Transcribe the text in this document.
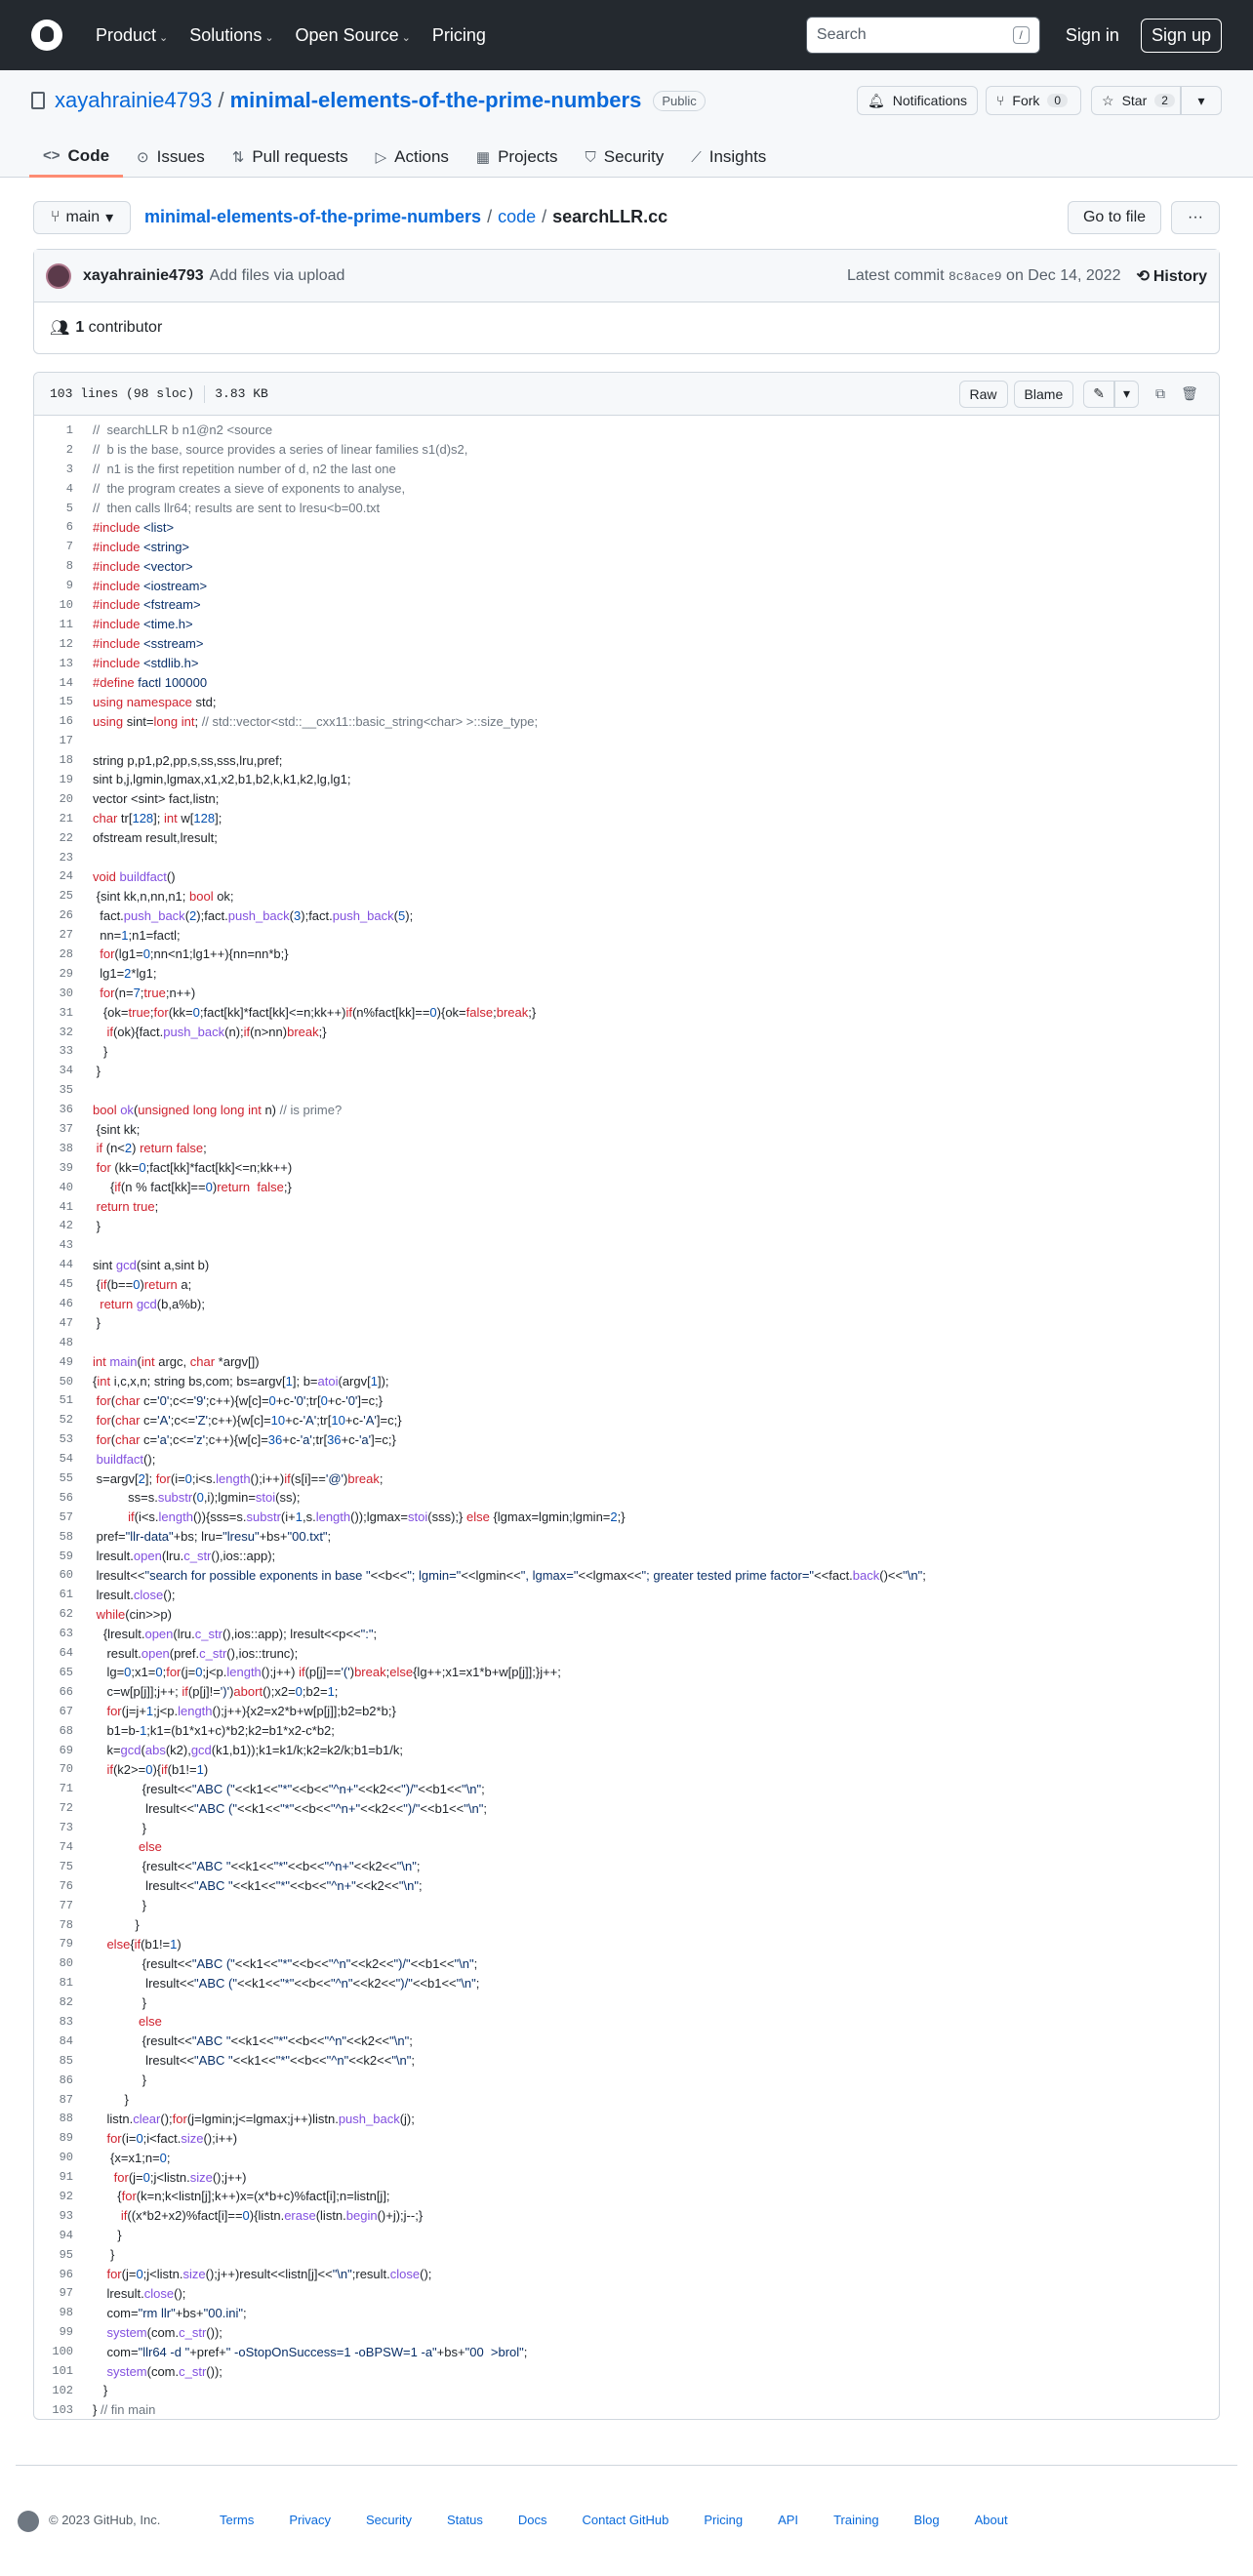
Product ⌄ Solutions ⌄ Open Source ⌄ Pricing	Search	/	Sign in	Sign up
xayahrainie4793 / minimal-elements-of-the-prime-numbers	Public	🔔︎ Notifications ⑂ Fork	0	☆ Star	2	▾
<> Code ⊙ Issues ⇅ Pull requests ▷ Actions ▦ Projects ⛉ Security ⟋ Insights
⑂ main ▾ minimal-elements-of-the-prime-numbers / code / searchLLR.cc	Go to file	···
xayahrainie4793 Add files via upload	Latest commit 8c8ace9 on Dec 14, 2022 ⟲ History
👥︎ 1
contributor
103 lines (98 sloc) 3.83 KB	Raw	Blame	✎	▾	⧉	🗑︎
1	//  searchLLR b n1@n2 <source
2	//  b is the base, source provides a series of linear families s1(d)s2,
3	//  n1 is the first repetition number of d, n2 the last one
4	//  the program creates a sieve of exponents to analyse,
5	//  then calls llr64; results are sent to lresu<b=00.txt
6	#include <list>
7	#include <string>
8	#include <vector>
9	#include <iostream>
10	#include <fstream>
11	#include <time.h>
12	#include <sstream>
13	#include <stdlib.h>
14	#define factl 100000
15	using namespace std;
16	using sint=long int; // std::vector<std::__cxx11::basic_string<char> >::size_type;
17
18	string p,p1,p2,pp,s,ss,sss,lru,pref;
19	sint b,j,lgmin,lgmax,x1,x2,b1,b2,k,k1,k2,lg,lg1;
20	vector <sint> fact,listn;
21	char tr[128]; int w[128];
22	ofstream result,lresult;
23
24	void buildfact()
25	{sint kk,n,nn,n1; bool ok;
26	fact.push_back(2);fact.push_back(3);fact.push_back(5);
27	nn=1;n1=factl;
28	for(lg1=0;nn<n1;lg1++){nn=nn*b;}
29	lg1=2*lg1;
30	for(n=7;true;n++)
31	{ok=true;for(kk=0;fact[kk]*fact[kk]<=n;kk++)if(n%fact[kk]==0){ok=false;break;}
32	if(ok){fact.push_back(n);if(n>nn)break;}
33	}
34	}
35
36	bool ok(unsigned long long int n) // is prime?
37	{sint kk;
38	if (n<2) return false;
39	for (kk=0;fact[kk]*fact[kk]<=n;kk++)
40	{if(n % fact[kk]==0)return false;}
41	return true;
42	}
43
44	sint gcd(sint a,sint b)
45	{if(b==0)return a;
46	return gcd(b,a%b);
47	}
48
49	int main(int argc, char *argv[])
50	{int i,c,x,n; string bs,com; bs=argv[1]; b=atoi(argv[1]);
51	for(char c='0';c<='9';c++){w[c]=0+c-'0';tr[0+c-'0']=c;}
52	for(char c='A';c<='Z';c++){w[c]=10+c-'A';tr[10+c-'A']=c;}
53	for(char c='a';c<='z';c++){w[c]=36+c-'a';tr[36+c-'a']=c;}
54	buildfact();
55	s=argv[2]; for(i=0;i<s.length();i++)if(s[i]=='@')break;
56	ss=s.substr(0,i);lgmin=stoi(ss);
57	if(i<s.length()){sss=s.substr(i+1,s.length());lgmax=stoi(sss);} else {lgmax=lgmin;lgmin=2;}
58	pref="llr-data"+bs; lru="lresu"+bs+"00.txt";
59	lresult.open(lru.c_str(),ios::app);
60	lresult<<"search for possible exponents in base "<<b<<"; lgmin="<<lgmin<<", lgmax="<<lgmax<<"; greater tested prime factor="<<fact.back()<<"\n";
61	lresult.close();
62	while(cin>>p)
63	{lresult.open(lru.c_str(),ios::app); lresult<<p<<":";
64	result.open(pref.c_str(),ios::trunc);
65	lg=0;x1=0;for(j=0;j<p.length();j++) if(p[j]=='(')break;else{lg++;x1=x1*b+w[p[j]];}j++;
66	c=w[p[j]];j++; if(p[j]!=')')abort();x2=0;b2=1;
67	for(j=j+1;j<p.length();j++){x2=x2*b+w[p[j]];b2=b2*b;}
68	b1=b-1;k1=(b1*x1+c)*b2;k2=b1*x2-c*b2;
69	k=gcd(abs(k2),gcd(k1,b1));k1=k1/k;k2=k2/k;b1=b1/k;
70	if(k2>=0){if(b1!=1)
71	{result<<"ABC ("<<k1<<"*"<<b<<"^n+"<<k2<<")/"<<b1<<"\n";
72	lresult<<"ABC ("<<k1<<"*"<<b<<"^n+"<<k2<<")/"<<b1<<"\n";
73	}
74	else
75	{result<<"ABC "<<k1<<"*"<<b<<"^n+"<<k2<<"\n";
76	lresult<<"ABC "<<k1<<"*"<<b<<"^n+"<<k2<<"\n";
77	}
78	}
79	else{if(b1!=1)
80	{result<<"ABC ("<<k1<<"*"<<b<<"^n"<<k2<<")/"<<b1<<"\n";
81	lresult<<"ABC ("<<k1<<"*"<<b<<"^n"<<k2<<")/"<<b1<<"\n";
82	}
83	else
84	{result<<"ABC "<<k1<<"*"<<b<<"^n"<<k2<<"\n";
85	lresult<<"ABC "<<k1<<"*"<<b<<"^n"<<k2<<"\n";
86	}
87	}
88	listn.clear();for(j=lgmin;j<=lgmax;j++)listn.push_back(j);
89	for(i=0;i<fact.size();i++)
90	{x=x1;n=0;
91	for(j=0;j<listn.size();j++)
92	{for(k=n;k<listn[j];k++)x=(x*b+c)%fact[i];n=listn[j];
93	if((x*b2+x2)%fact[i]==0){listn.erase(listn.begin()+j);j--;}
94	}
95	}
96	for(j=0;j<listn.size();j++)result<<listn[j]<<"\n";result.close();
97	lresult.close();
98	com="rm llr"+bs+"00.ini";
99	system(com.c_str());
100	com="llr64 -d "+pref+" -oStopOnSuccess=1 -oBPSW=1 -a"+bs+"00  >brol";
101	system(com.c_str());
102	}
103	} // fin main
© 2023 GitHub, Inc.	Terms	Privacy	Security	Status	Docs	Contact GitHub	Pricing	API	Training	Blog	About
